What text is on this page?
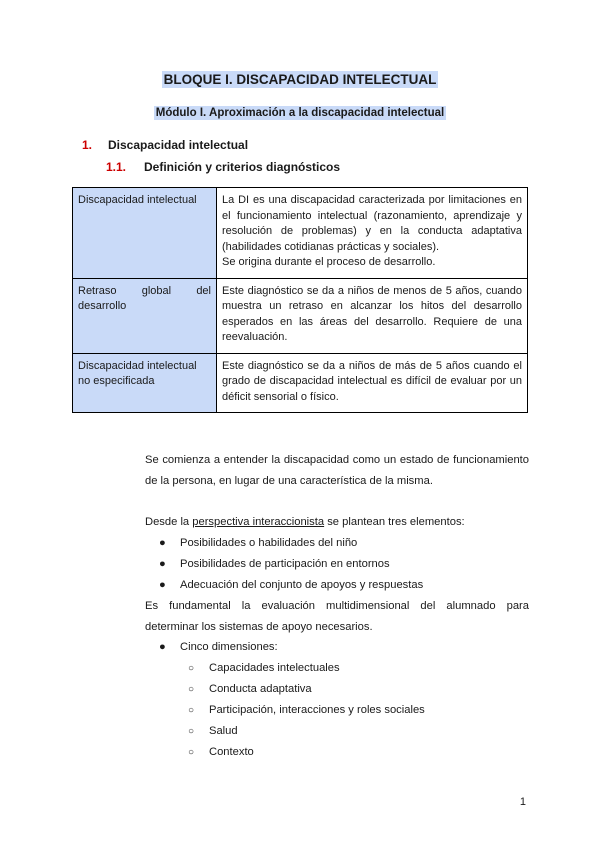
BLOQUE I. DISCAPACIDAD INTELECTUAL
Módulo I. Aproximación a la discapacidad intelectual
1. Discapacidad intelectual
1.1. Definición y criterios diagnósticos
Discapacidad intelectual	La DI es una discapacidad caracterizada por limitaciones en el funcionamiento intelectual (razonamiento, aprendizaje y resolución de problemas) y en la conducta adaptativa (habilidades cotidianas prácticas y sociales).
Se origina durante el proceso de desarrollo.

Retraso global del desarrollo	Este diagnóstico se da a niños de menos de 5 años, cuando muestra un retraso en alcanzar los hitos del desarrollo esperados en las áreas del desarrollo. Requiere de una reevaluación.
Discapacidad intelectual no especificada	Este diagnóstico se da a niños de más de 5 años cuando el grado de discapacidad intelectual es difícil de evaluar por un déficit sensorial o físico.
Se comienza a entender la discapacidad como un estado de funcionamiento de la persona, en lugar de una característica de la misma.
Desde la perspectiva interaccionista se plantean tres elementos:
● Posibilidades o habilidades del niño
● Posibilidades de participación en entornos
● Adecuación del conjunto de apoyos y respuestas
Es fundamental la evaluación multidimensional del alumnado para determinar los sistemas de apoyo necesarios.
● Cinco dimensiones:
○ Capacidades intelectuales
○ Conducta adaptativa
○ Participación, interacciones y roles sociales
○ Salud
○ Contexto
1
